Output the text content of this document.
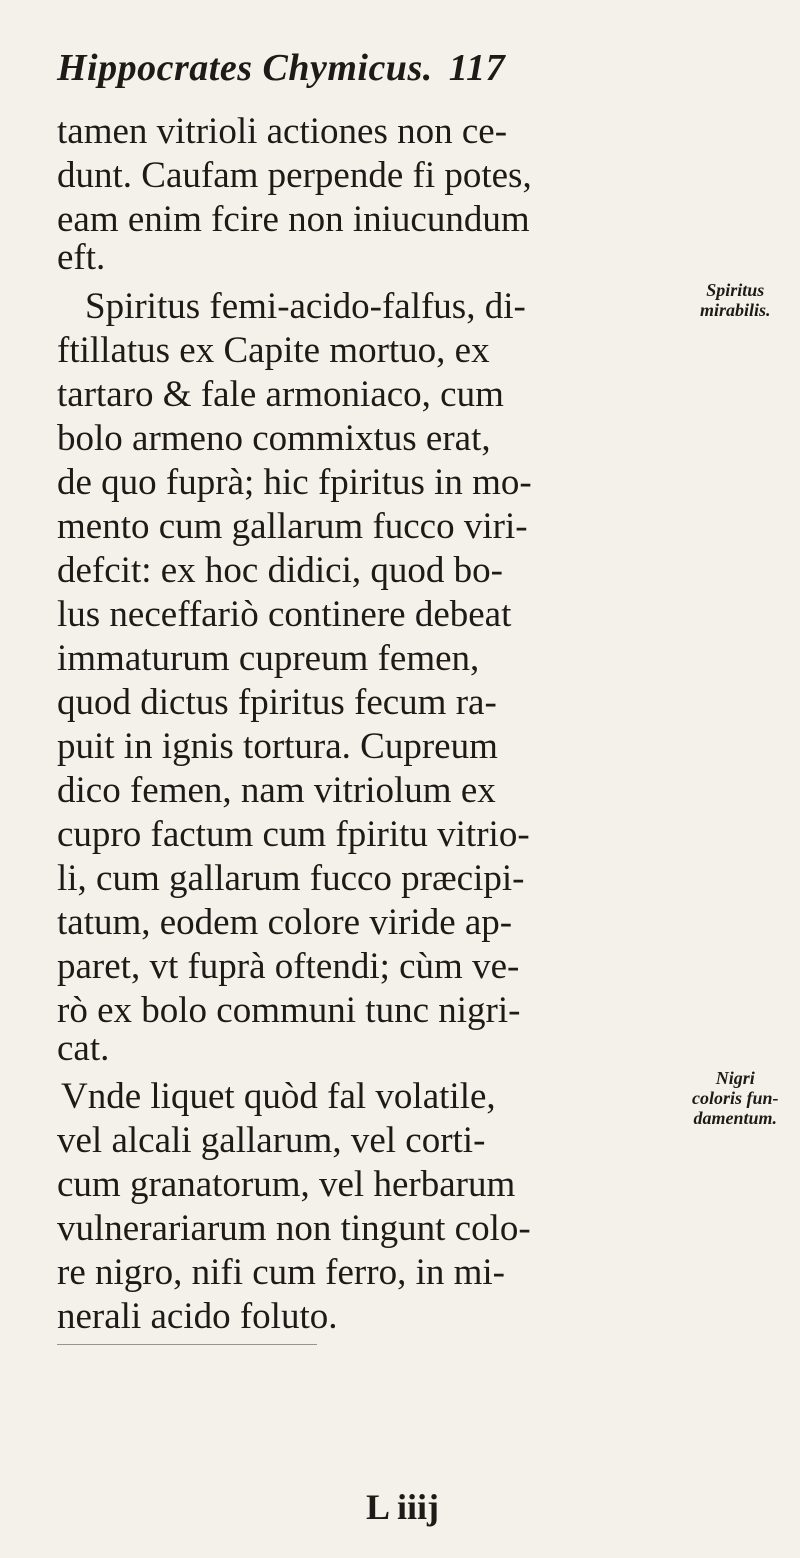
Hippocrates Chymicus. 117
tamen vitrioli actiones non ce-
dunt. Caufam perpende fi potes,
eam enim fcire non iniucundum
eft.
Spiritus femi-acido-falfus, di-
ftillatus ex Capite mortuo, ex
tartaro & fale armoniaco, cum
bolo armeno commixtus erat,
de quo fuprà; hic fpiritus in mo-
mento cum gallarum fucco viri-
defcit: ex hoc didici, quod bo-
lus neceffariò continere debeat
immaturum cupreum femen,
quod dictus fpiritus fecum ra-
puit in ignis tortura. Cupreum
dico femen, nam vitriolum ex
cupro factum cum fpiritu vitrio-
li, cum gallarum fucco præcipi-
tatum, eodem colore viride ap-
paret, vt fuprà oftendi; cùm ve-
rò ex bolo communi tunc nigri-
cat.
Vnde liquet quòd fal volatile,
vel alcali gallarum, vel corti-
cum granatorum, vel herbarum
vulnerariarum non tingunt colo-
re nigro, nifi cum ferro, in mi-
nerali acido foluto.
Spiritus
mirabilis.
Nigri
coloris fun-
damentum.
L iiij
